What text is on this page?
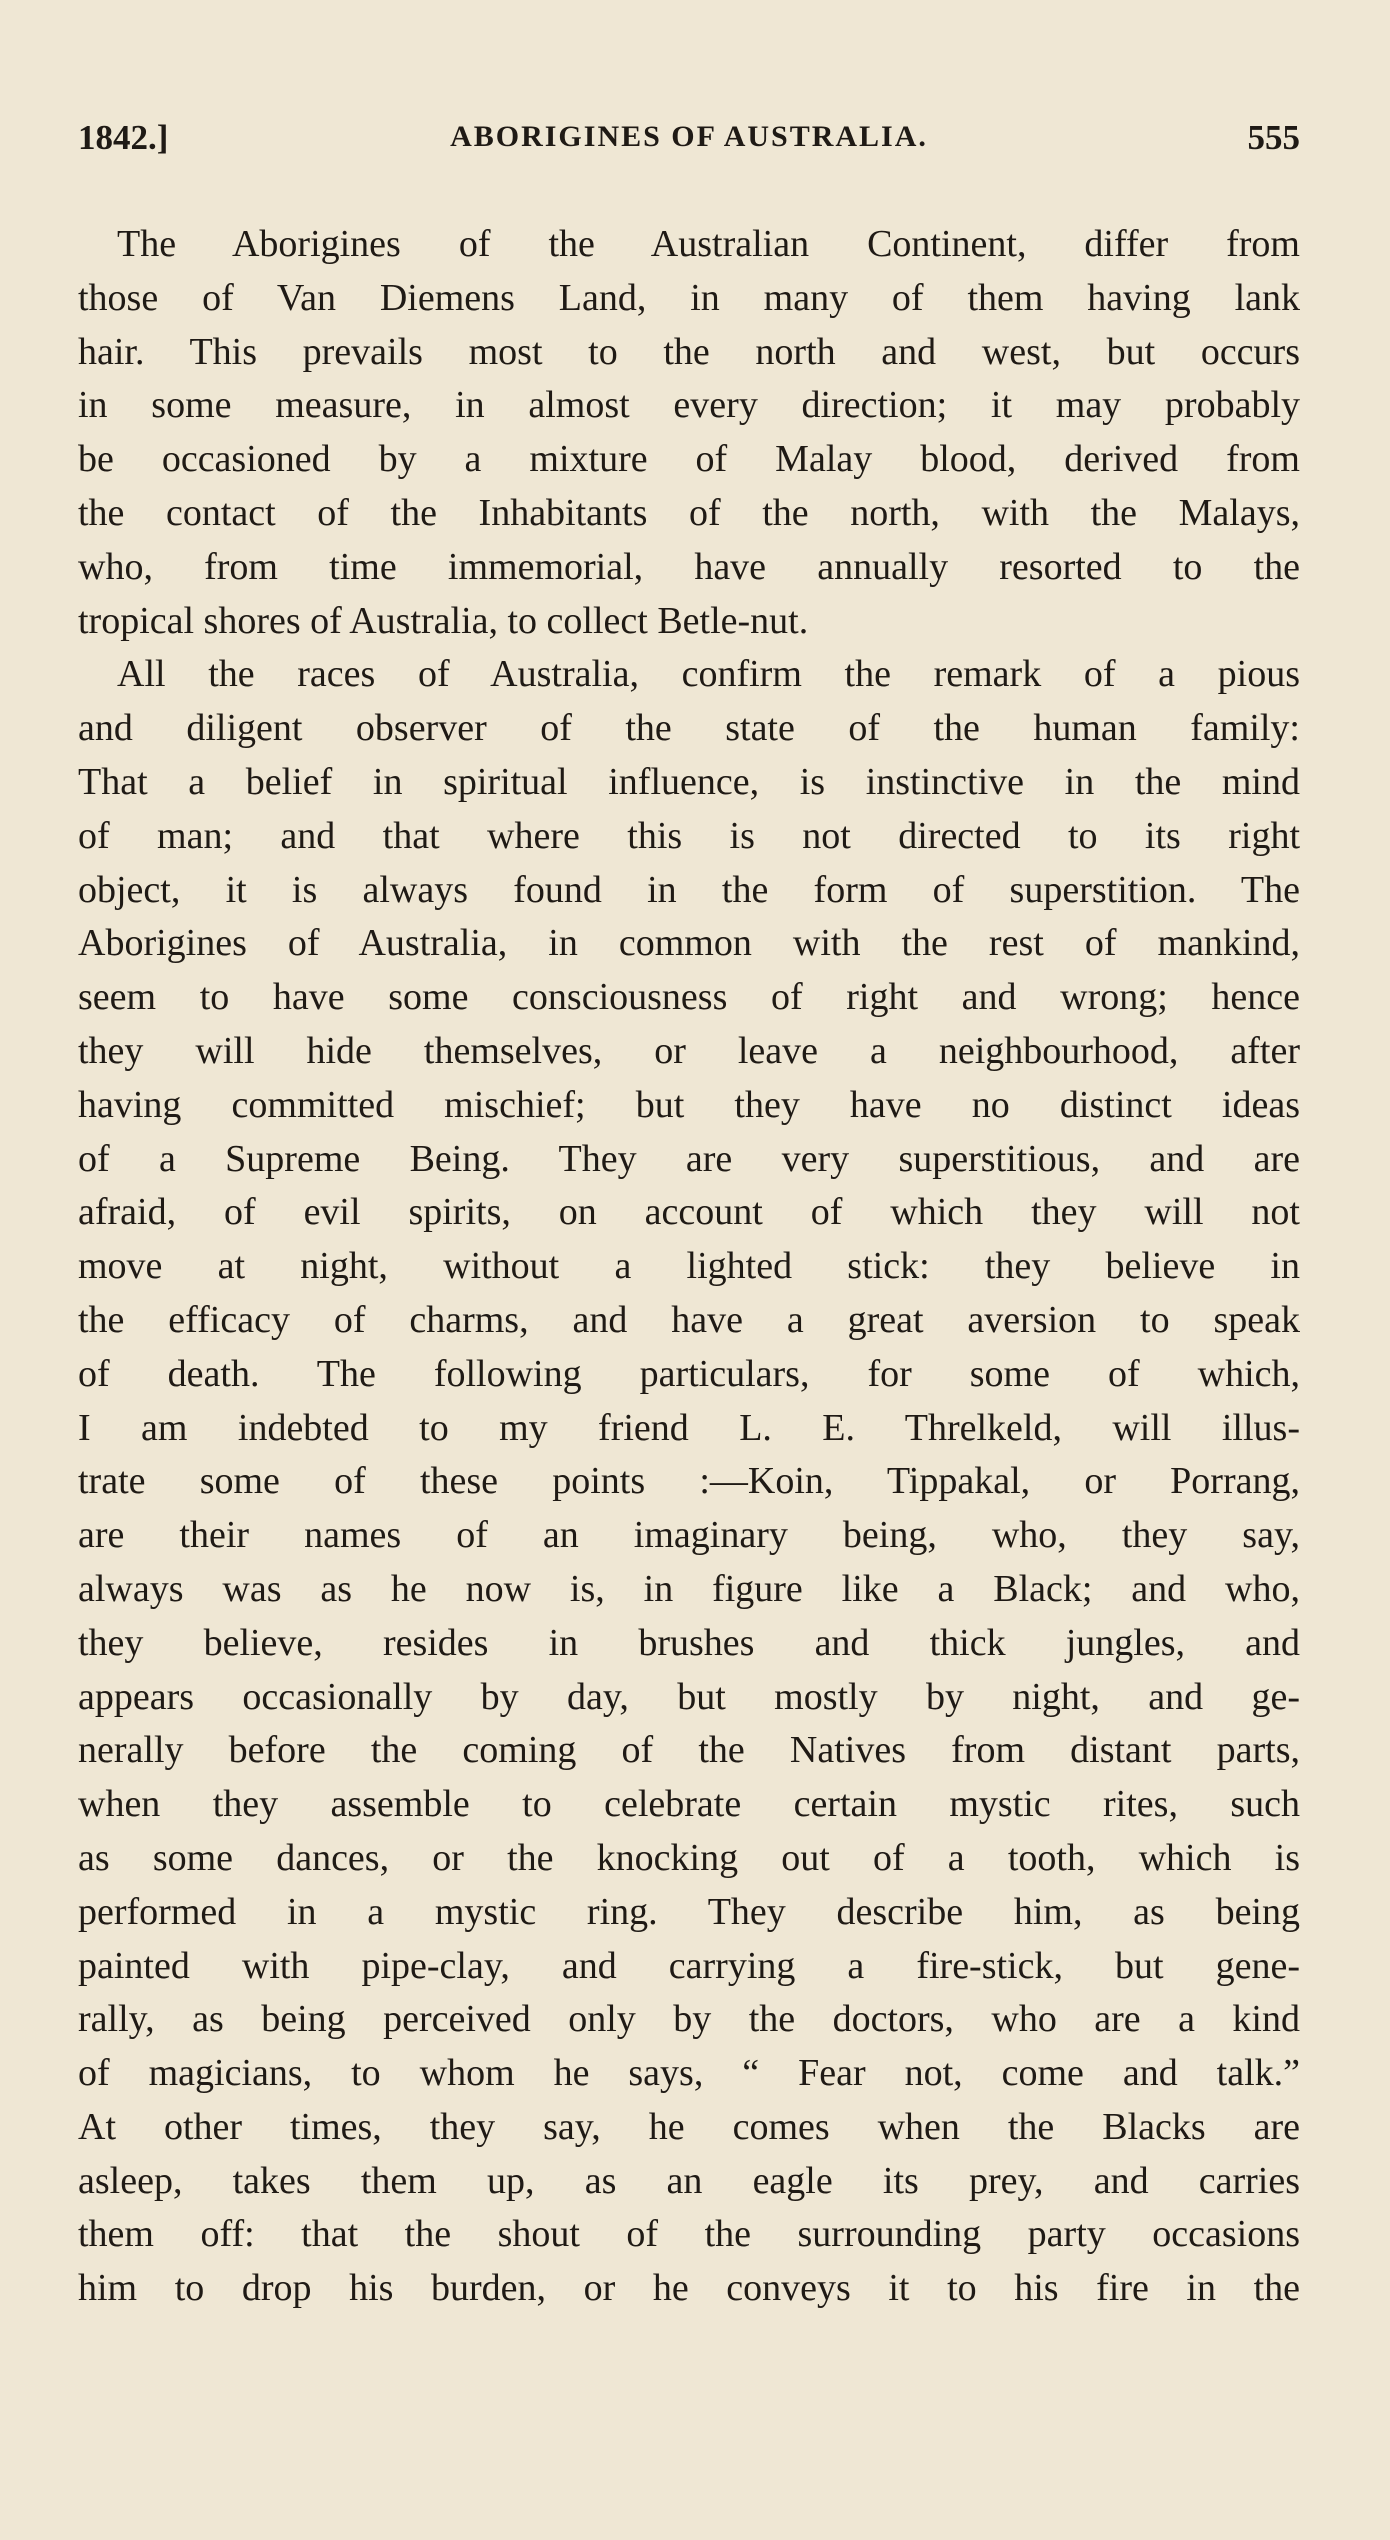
1842.]	ABORIGINES OF AUSTRALIA.	555
The Aborigines of the Australian Continent, differ from
those of Van Diemens Land, in many of them having lank
hair. This prevails most to the north and west, but occurs
in some measure, in almost every direction; it may probably
be occasioned by a mixture of Malay blood, derived from
the contact of the Inhabitants of the north, with the Malays,
who, from time immemorial, have annually resorted to the
tropical shores of Australia, to collect Betle-nut.
All the races of Australia, confirm the remark of a pious
and diligent observer of the state of the human family:
That a belief in spiritual influence, is instinctive in the mind
of man; and that where this is not directed to its right
object, it is always found in the form of superstition. The
Aborigines of Australia, in common with the rest of mankind,
seem to have some consciousness of right and wrong; hence
they will hide themselves, or leave a neighbourhood, after
having committed mischief; but they have no distinct ideas
of a Supreme Being. They are very superstitious, and are
afraid, of evil spirits, on account of which they will not
move at night, without a lighted stick: they believe in
the efficacy of charms, and have a great aversion to speak
of death. The following particulars, for some of which,
I am indebted to my friend L. E. Threlkeld, will illus-
trate some of these points :—Koin, Tippakal, or Porrang,
are their names of an imaginary being, who, they say,
always was as he now is, in figure like a Black; and who,
they believe, resides in brushes and thick jungles, and
appears occasionally by day, but mostly by night, and ge-
nerally before the coming of the Natives from distant parts,
when they assemble to celebrate certain mystic rites, such
as some dances, or the knocking out of a tooth, which is
performed in a mystic ring. They describe him, as being
painted with pipe-clay, and carrying a fire-stick, but gene-
rally, as being perceived only by the doctors, who are a kind
of magicians, to whom he says, “ Fear not, come and talk.”
At other times, they say, he comes when the Blacks are
asleep, takes them up, as an eagle its prey, and carries
them off: that the shout of the surrounding party occasions
him to drop his burden, or he conveys it to his fire in the
